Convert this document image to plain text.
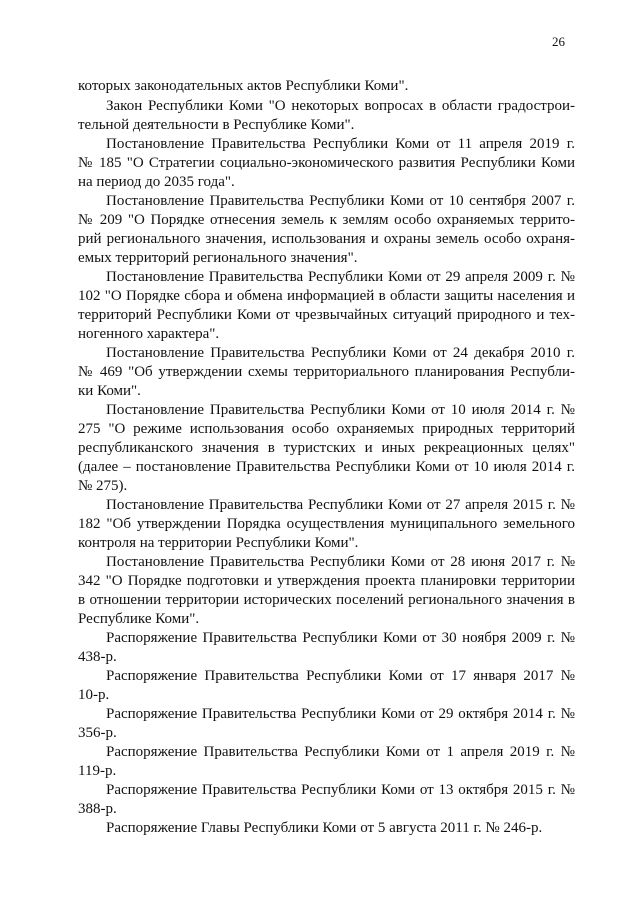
26
которых законодательных актов Республики Коми".
Закон Республики Коми "О некоторых вопросах в области градострои-
тельной деятельности в Республике Коми".
Постановление Правительства Республики Коми от 11 апреля 2019 г.
№ 185 "О Стратегии социально-экономического развития Республики Коми
на период до 2035 года".
Постановление Правительства Республики Коми от 10 сентября 2007 г.
№ 209 "О Порядке отнесения земель к землям особо охраняемых террито-
рий регионального значения, использования и охраны земель особо охраня-
емых территорий регионального значения".
Постановление Правительства Республики Коми от 29 апреля 2009 г. №
102 "О Порядке сбора и обмена информацией в области защиты населения и
территорий Республики Коми от чрезвычайных ситуаций природного и тех-
ногенного характера".
Постановление Правительства Республики Коми от 24 декабря 2010 г.
№ 469 "Об утверждении схемы территориального планирования Республи-
ки Коми".
Постановление Правительства Республики Коми от 10 июля 2014 г. №
275 "О режиме использования особо охраняемых природных территорий
республиканского значения в туристских и иных рекреационных целях"
(далее – постановление Правительства Республики Коми от 10 июля 2014 г.
№ 275).
Постановление Правительства Республики Коми от 27 апреля 2015 г. №
182 "Об утверждении Порядка осуществления муниципального земельного
контроля на территории Республики Коми".
Постановление Правительства Республики Коми от 28 июня 2017 г. №
342 "О Порядке подготовки и утверждения проекта планировки территории
в отношении территории исторических поселений регионального значения в
Республике Коми".
Распоряжение Правительства Республики Коми от 30 ноября 2009 г. №
438-р.
Распоряжение Правительства Республики Коми от 17 января 2017 №
10-р.
Распоряжение Правительства Республики Коми от 29 октября 2014 г. №
356-р.
Распоряжение Правительства Республики Коми от 1 апреля 2019 г. №
119-р.
Распоряжение Правительства Республики Коми от 13 октября 2015 г. №
388-р.
Распоряжение Главы Республики Коми от 5 августа 2011 г. № 246-р.
